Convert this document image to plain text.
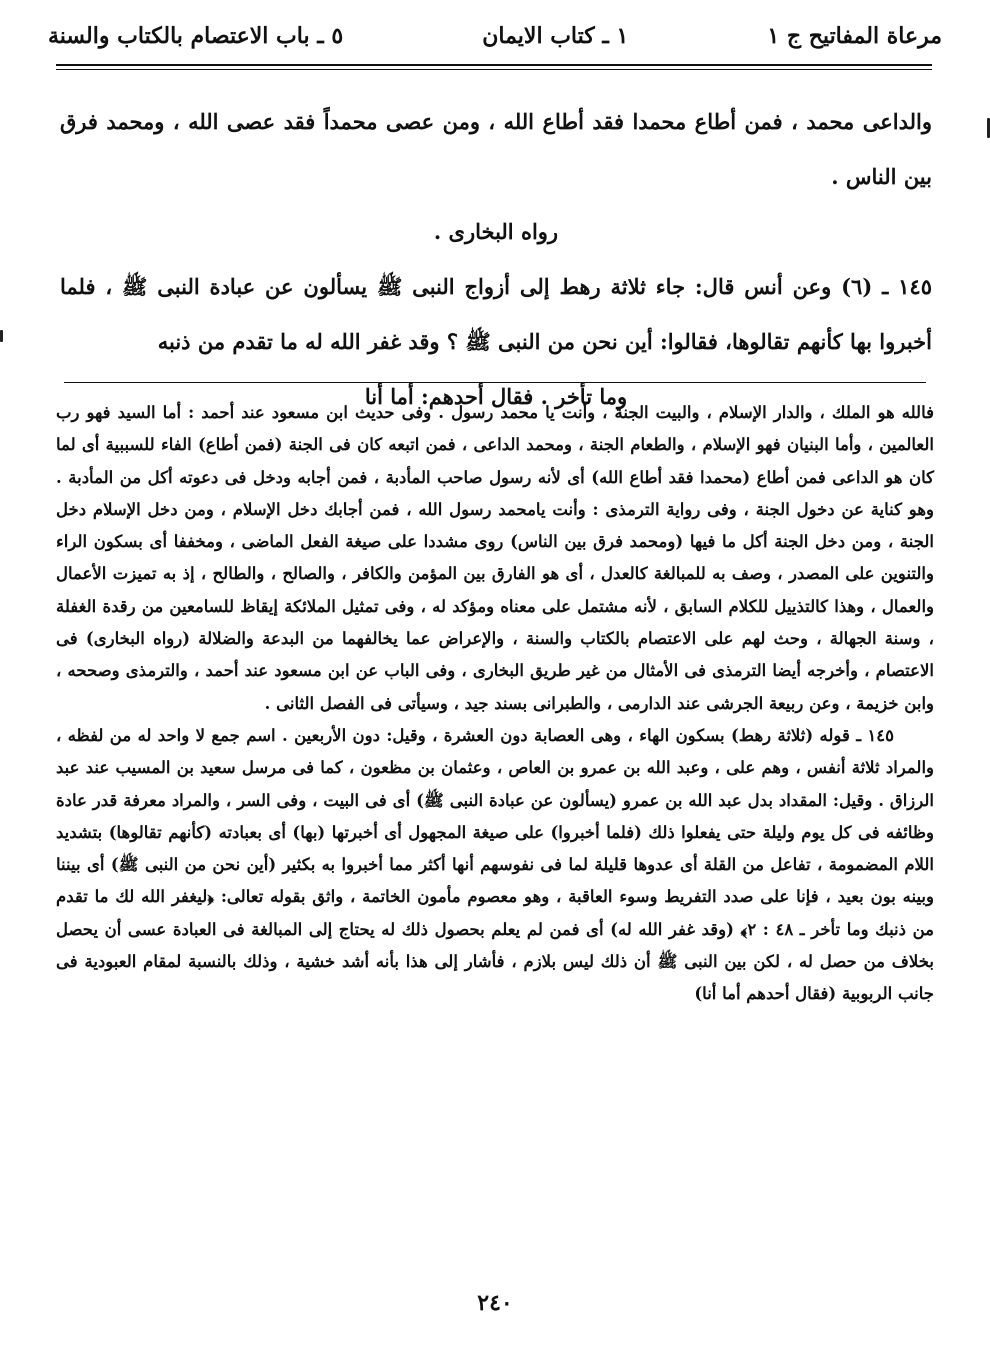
مرعاة المفاتيح ج ١
١ ـ كتاب الايمان
٥ ـ باب الاعتصام بالكتاب والسنة

والداعى محمد ، فمن أطاع محمدا فقد أطاع الله ، ومن عصى محمداً فقد عصى الله ، ومحمد فرق بين الناس .

رواه البخارى .

١٤٥ ـ (٦) وعن أنس قال: جاء ثلاثة رهط إلى أزواج النبى ﷺ يسألون عن عبادة النبى ﷺ ، فلما أخبروا بها كأنهم تقالوها، فقالوا: أين نحن من النبى ﷺ ؟ وقد غفر الله له ما تقدم من ذنبه

وما تأخر . فقال أحدهم: أما أنا

فالله هو الملك ، والدار الإسلام ، والبيت الجنة ، وأنت يا محمد رسول . وفى حديث ابن مسعود عند أحمد : أما السيد فهو رب العالمين ، وأما البنيان فهو الإسلام ، والطعام الجنة ، ومحمد الداعى ، فمن اتبعه كان فى الجنة (فمن أطاع) الفاء للسببية أى لما كان هو الداعى فمن أطاع (محمدا فقد أطاع الله) أى لأنه رسول صاحب المأدبة ، فمن أجابه ودخل فى دعوته أكل من المأدبة . وهو كناية عن دخول الجنة ، وفى رواية الترمذى : وأنت يامحمد رسول الله ، فمن أجابك دخل الإسلام ، ومن دخل الإسلام دخل الجنة ، ومن دخل الجنة أكل ما فيها (ومحمد فرق بين الناس) روى مشددا على صيغة الفعل الماضى ، ومخففا أى بسكون الراء والتنوين على المصدر ، وصف به للمبالغة كالعدل ، أى هو الفارق بين المؤمن والكافر ، والصالح ، والطالح ، إذ به تميزت الأعمال والعمال ، وهذا كالتذييل للكلام السابق ، لأنه مشتمل على معناه ومؤكد له ، وفى تمثيل الملائكة إيقاظ للسامعين من رقدة الغفلة ، وسنة الجهالة ، وحث لهم على الاعتصام بالكتاب والسنة ، والإعراض عما يخالفهما من البدعة والضلالة (رواه البخارى) فى الاعتصام ، وأخرجه أيضا الترمذى فى الأمثال من غير طريق البخارى ، وفى الباب عن ابن مسعود عند أحمد ، والترمذى وصححه ، وابن خزيمة ، وعن ربيعة الجرشى عند الدارمى ، والطبرانى بسند جيد ، وسيأتى فى الفصل الثانى .

١٤٥ ـ قوله (ثلاثة رهط) بسكون الهاء ، وهى العصابة دون العشرة ، وقيل: دون الأربعين . اسم جمع لا واحد له من لفظه ، والمراد ثلاثة أنفس ، وهم على ، وعبد الله بن عمرو بن العاص ، وعثمان بن مظعون ، كما فى مرسل سعيد بن المسيب عند عبد الرزاق . وقيل: المقداد بدل عبد الله بن عمرو (يسألون عن عبادة النبى ﷺ) أى فى البيت ، وفى السر ، والمراد معرفة قدر عادة وظائفه فى كل يوم وليلة حتى يفعلوا ذلك (فلما أخبروا) على صيغة المجهول أى أخبرتها (بها) أى بعبادته (كأنهم تقالوها) بتشديد اللام المضمومة ، تفاعل من القلة أى عدوها قليلة لما فى نفوسهم أنها أكثر مما أخبروا به بكثير (أين نحن من النبى ﷺ) أى بيننا وبينه بون بعيد ، فإنا على صدد التفريط وسوء العاقبة ، وهو معصوم مأمون الخاتمة ، واثق بقوله تعالى: ﴿ليغفر الله لك ما تقدم من ذنبك وما تأخر ـ ٤٨ : ٢﴾ (وقد غفر الله له) أى فمن لم يعلم بحصول ذلك له يحتاج إلى المبالغة فى العبادة عسى أن يحصل بخلاف من حصل له ، لكن بين النبى ﷺ أن ذلك ليس بلازم ، فأشار إلى هذا بأنه أشد خشية ، وذلك بالنسبة لمقام العبودية فى جانب الربوبية (فقال أحدهم أما أنا)

٢٤٠
